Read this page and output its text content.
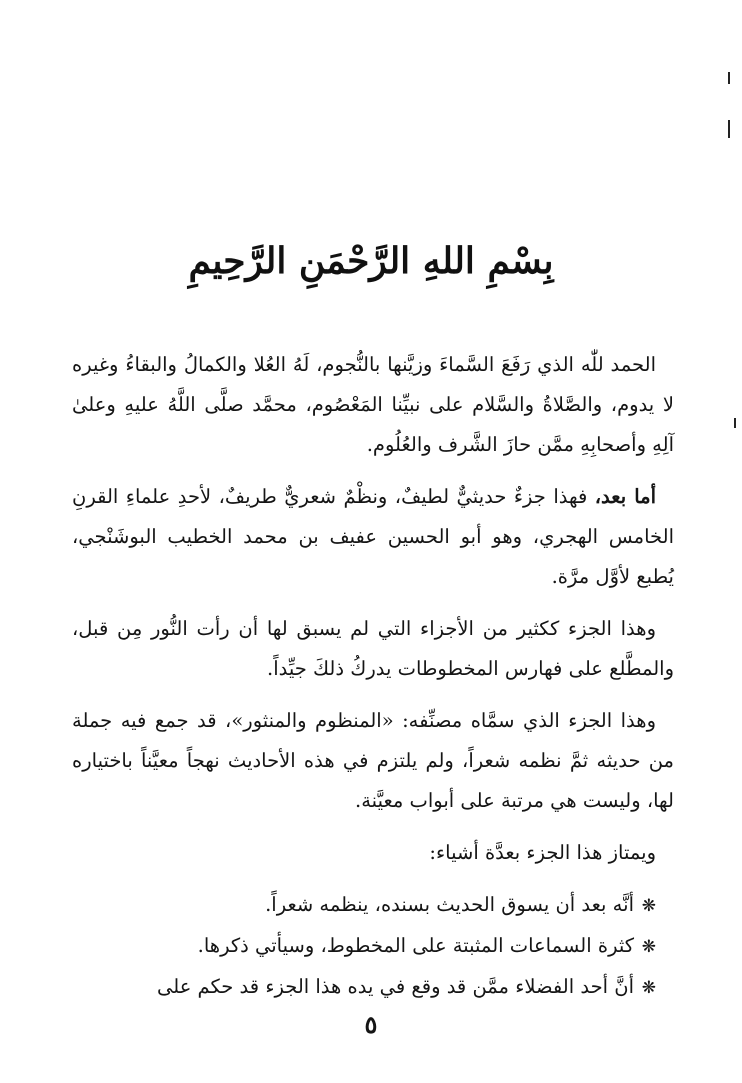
بِسْمِ اللهِ الرَّحْمَنِ الرَّحِيمِ

الحمد للّٰه الذي رَفَعَ السَّماءَ وزيَّنها بالنُّجوم، لَهُ العُلا والكمالُ والبقاءُ وغيره لا يدوم، والصَّلاةُ والسَّلام على نبيِّنا المَعْصُوم، محمَّد صلَّى اللَّهُ عليهِ وعلىٰ آلِهِ وأصحابِهِ ممَّن حازَ الشَّرف والعُلُوم.

أما بعد، فهذا جزءٌ حديثيٌّ لطيفٌ، ونظْمٌ شعريٌّ طريفٌ، لأحدِ علماءِ القرنِ الخامس الهجري، وهو أبو الحسين عفيف بن محمد الخطيب البوشَنْجي، يُطبع لأوَّل مرَّة.

وهذا الجزء ككثير من الأجزاء التي لم يسبق لها أن رأت النُّور مِن قبل، والمطَّلع على فهارس المخطوطات يدركُ ذلكَ جيِّداً.

وهذا الجزء الذي سمَّاه مصنِّفه: «المنظوم والمنثور»، قد جمع فيه جملة من حديثه ثمَّ نظمه شعراً، ولم يلتزم في هذه الأحاديث نهجاً معيَّناً باختياره لها، وليست هي مرتبة على أبواب معيَّنة.

ويمتاز هذا الجزء بعدَّة أشياء:

❋أنَّه بعد أن يسوق الحديث بسنده، ينظمه شعراً.
❋كثرة السماعات المثبتة على المخطوط، وسيأتي ذكرها.
❋أنَّ أحد الفضلاء ممَّن قد وقع في يده هذا الجزء قد حكم على
٥
